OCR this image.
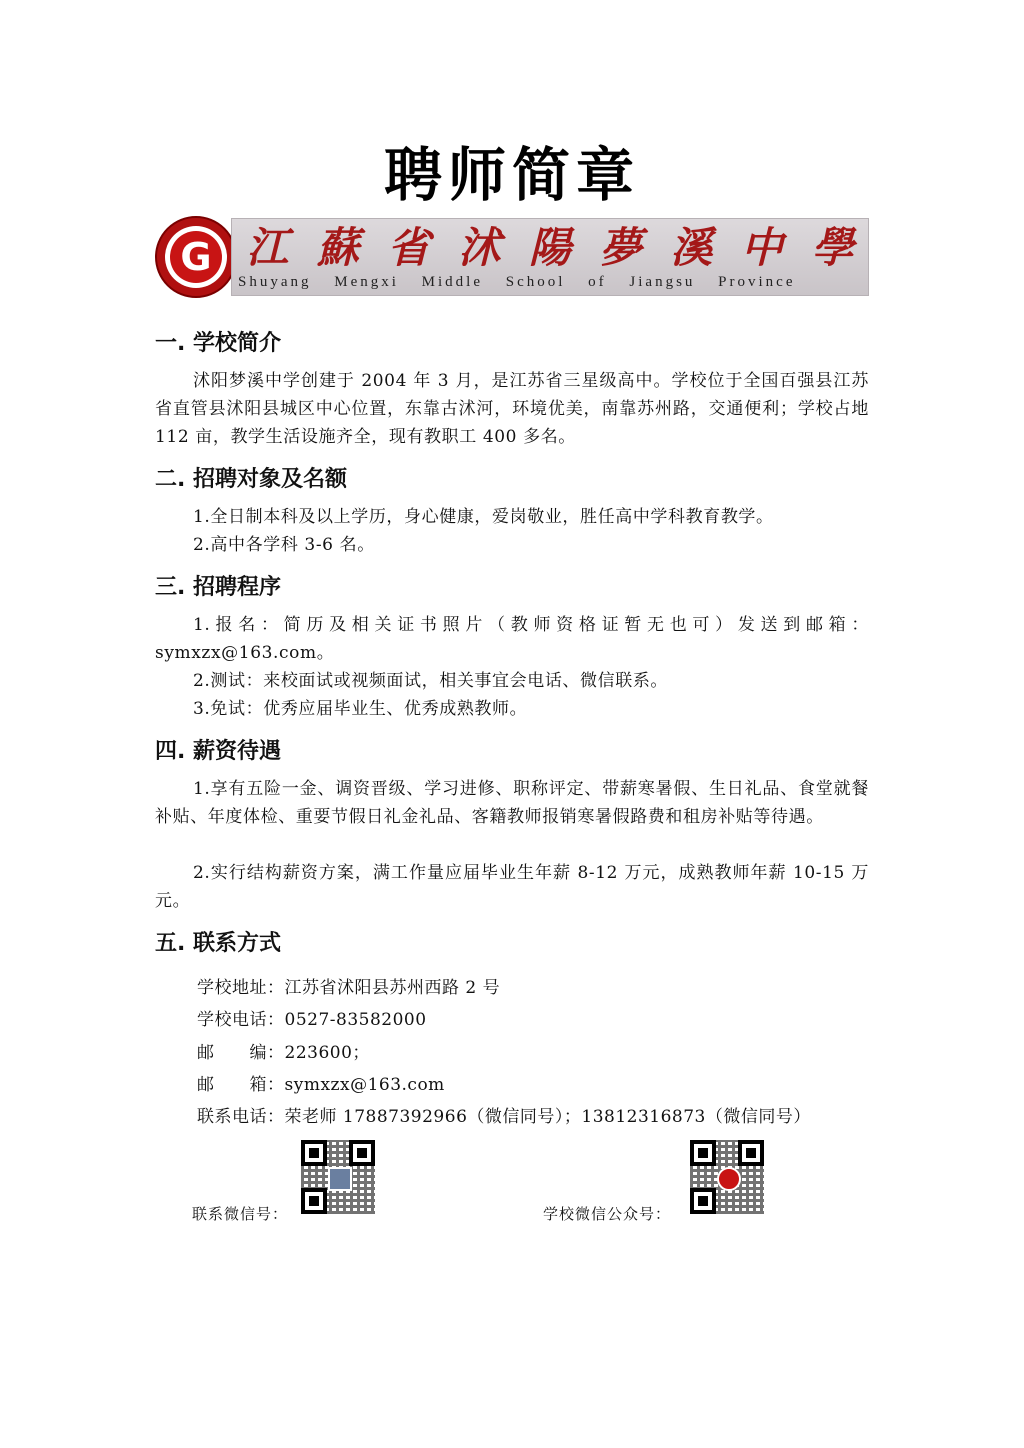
聘师简章
G 江 蘇 省 沭 陽 夢 溪 中 學
Shuyang Mengxi Middle School of Jiangsu Province
一. 学校简介
沭阳梦溪中学创建于 2004 年 3 月，是江苏省三星级高中。学校位于全国百强县江苏省直管县沭阳县城区中心位置，东靠古沭河，环境优美，南靠苏州路，交通便利；学校占地 112 亩，教学生活设施齐全，现有教职工 400 多名。
二. 招聘对象及名额
1.全日制本科及以上学历，身心健康，爱岗敬业，胜任高中学科教育教学。
2.高中各学科 3-6 名。
三. 招聘程序
1.报名：简历及相关证书照片（教师资格证暂无也可）发送到邮箱：symxzx@163.com。
2.测试：来校面试或视频面试，相关事宜会电话、微信联系。
3.免试：优秀应届毕业生、优秀成熟教师。
四. 薪资待遇
1.享有五险一金、调资晋级、学习进修、职称评定、带薪寒暑假、生日礼品、食堂就餐补贴、年度体检、重要节假日礼金礼品、客籍教师报销寒暑假路费和租房补贴等待遇。
2.实行结构薪资方案，满工作量应届毕业生年薪 8-12 万元，成熟教师年薪 10-15 万元。
五. 联系方式
学校地址：江苏省沭阳县苏州西路 2 号
学校电话：0527-83582000
邮　　编：223600；
邮　　箱：symxzx@163.com
联系电话：荣老师 17887392966（微信同号）；13812316873（微信同号）
联系微信号：	学校微信公众号：
